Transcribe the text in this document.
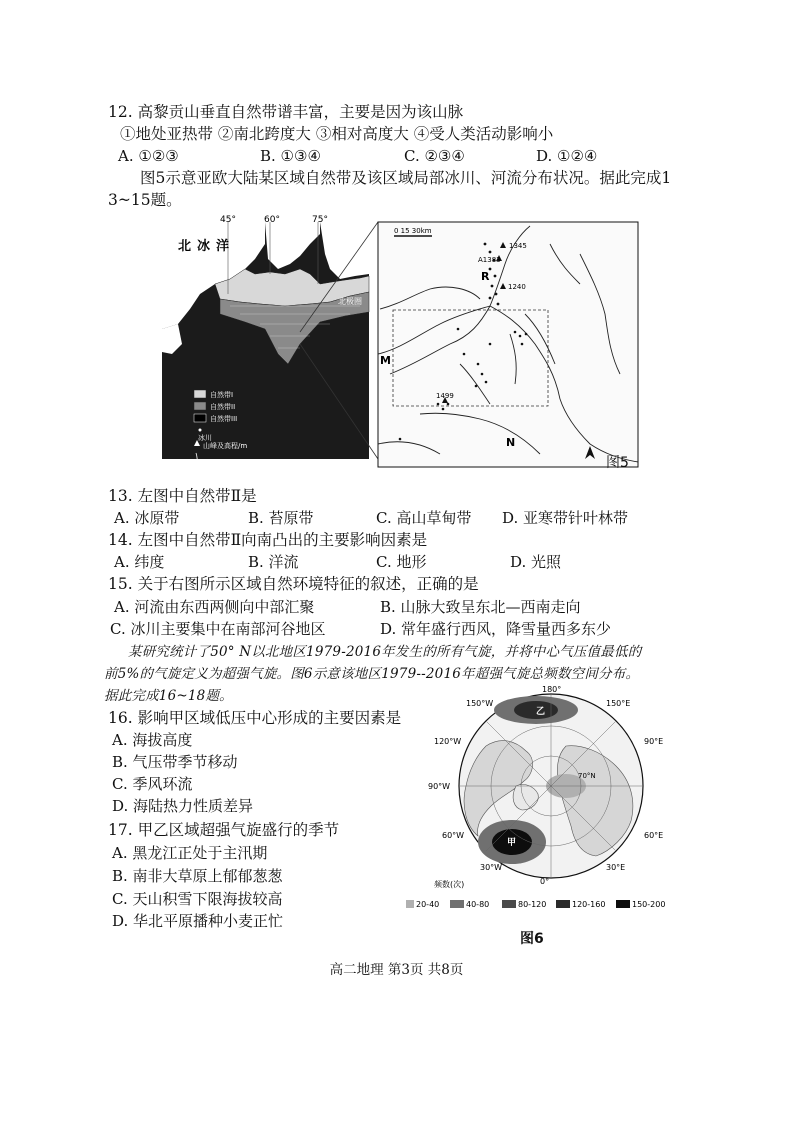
12. 高黎贡山垂直自然带谱丰富，主要是因为该山脉
①地处亚热带 ②南北跨度大 ③相对高度大 ④受人类活动影响小
A. ①②③	B. ①③④	C. ②③④	D. ①②④
图5示意亚欧大陆某区域自然带及该区域局部冰川、河流分布状况。据此完成1
3~15题。
45°	60°	75°
北冰洋
北极圈
自然带I
自然带II
自然带III
冰川
山峰及高程/m
河流与湖泊
1345
A1383
1240
1499
R
M
N
0 15 30km
图5
13. 左图中自然带Ⅱ是
A. 冰原带	B. 苔原带	C. 高山草甸带 D. 亚寒带针叶林带
14. 左图中自然带Ⅱ向南凸出的主要影响因素是
A. 纬度	B. 洋流	C. 地形	D. 光照
15. 关于右图所示区域自然环境特征的叙述，正确的是
A. 河流由东西两侧向中部汇聚	B. 山脉大致呈东北—西南走向
C. 冰川主要集中在南部河谷地区	D. 常年盛行西风，降雪量西多东少
某研究统计了50° N以北地区1979-2016年发生的所有气旋，并将中心气压值最低的
前5%的气旋定义为超强气旋。图6示意该地区1979--2016年超强气旋总频数空间分布。
据此完成16~18题。
16. 影响甲区域低压中心形成的主要因素是
A. 海拔高度
B. 气压带季节移动
C. 季风环流
D. 海陆热力性质差异
17. 甲乙区域超强气旋盛行的季节
A. 黑龙江正处于主汛期
B. 南非大草原上郁郁葱葱
C. 天山积雪下限海拔较高
D. 华北平原播种小麦正忙
乙
甲
180°
150°W	150°E
120°W	90°E
90°W
70°N
60°W	60°E
30°W	30°E
0°
频数(次)
20-40	40-80	80-120	120-160	150-200
图6
高二地理 第3页 共8页
